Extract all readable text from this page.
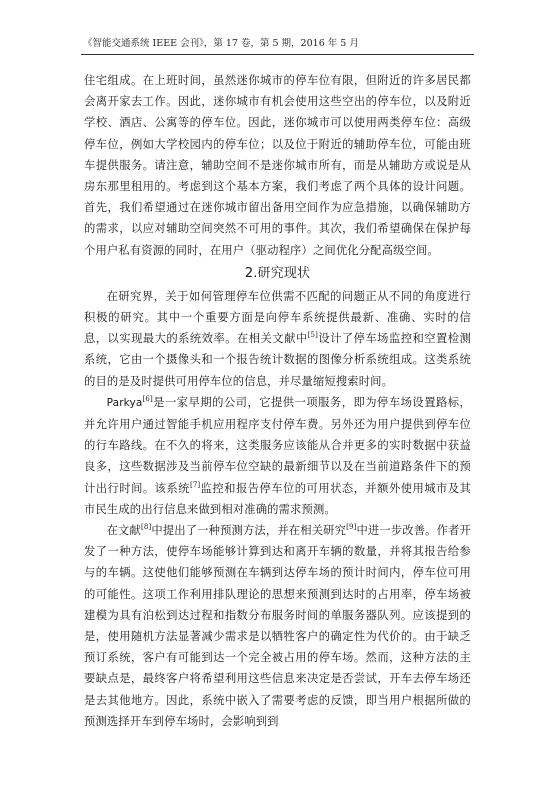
《智能交通系统 IEEE 会刊》，第 17 卷，第 5 期，2016 年 5 月

住宅组成。在上班时间，虽然迷你城市的停车位有限，但附近的许多居民都会离开家去工作。因此，迷你城市有机会使用这些空出的停车位，以及附近学校、酒店、公寓等的停车位。因此，迷你城市可以使用两类停车位：高级停车位，例如大学校园内的停车位；以及位于附近的辅助停车位，可能由班车提供服务。请注意，辅助空间不是迷你城市所有，而是从辅助方或说是从房东那里租用的。考虑到这个基本方案，我们考虑了两个具体的设计问题。首先，我们希望通过在迷你城市留出备用空间作为应急措施，以确保辅助方的需求，以应对辅助空间突然不可用的事件。其次，我们希望确保在保护每个用户私有资源的同时，在用户（驱动程序）之间优化分配高级空间。

2.研究现状

在研究界，关于如何管理停车位供需不匹配的问题正从不同的角度进行积极的研究。其中一个重要方面是向停车系统提供最新、准确、实时的信息，以实现最大的系统效率。在相关文献中[5]设计了停车场监控和空置检测系统，它由一个摄像头和一个报告统计数据的图像分析系统组成。这类系统的目的是及时提供可用停车位的信息，并尽量缩短搜索时间。

Parkya[6]是一家早期的公司，它提供一项服务，即为停车场设置路标，并允许用户通过智能手机应用程序支付停车费。另外还为用户提供到停车位的行车路线。在不久的将来，这类服务应该能从合并更多的实时数据中获益良多，这些数据涉及当前停车位空缺的最新细节以及在当前道路条件下的预计出行时间。该系统[7]监控和报告停车位的可用状态，并额外使用城市及其市民生成的出行信息来做到相对准确的需求预测。

在文献[8]中提出了一种预测方法，并在相关研究[9]中进一步改善。作者开发了一种方法，使停车场能够计算到达和离开车辆的数量，并将其报告给参与的车辆。这使他们能够预测在车辆到达停车场的预计时间内，停车位可用的可能性。这项工作利用排队理论的思想来预测到达时的占用率，停车场被建模为具有泊松到达过程和指数分布服务时间的单服务器队列。应该提到的是，使用随机方法显著减少需求是以牺牲客户的确定性为代价的。由于缺乏预订系统，客户有可能到达一个完全被占用的停车场。然而，这种方法的主要缺点是，最终客户将希望利用这些信息来决定是否尝试，开车去停车场还是去其他地方。因此，系统中嵌入了需要考虑的反馈，即当用户根据所做的预测选择开车到停车场时，会影响到到
